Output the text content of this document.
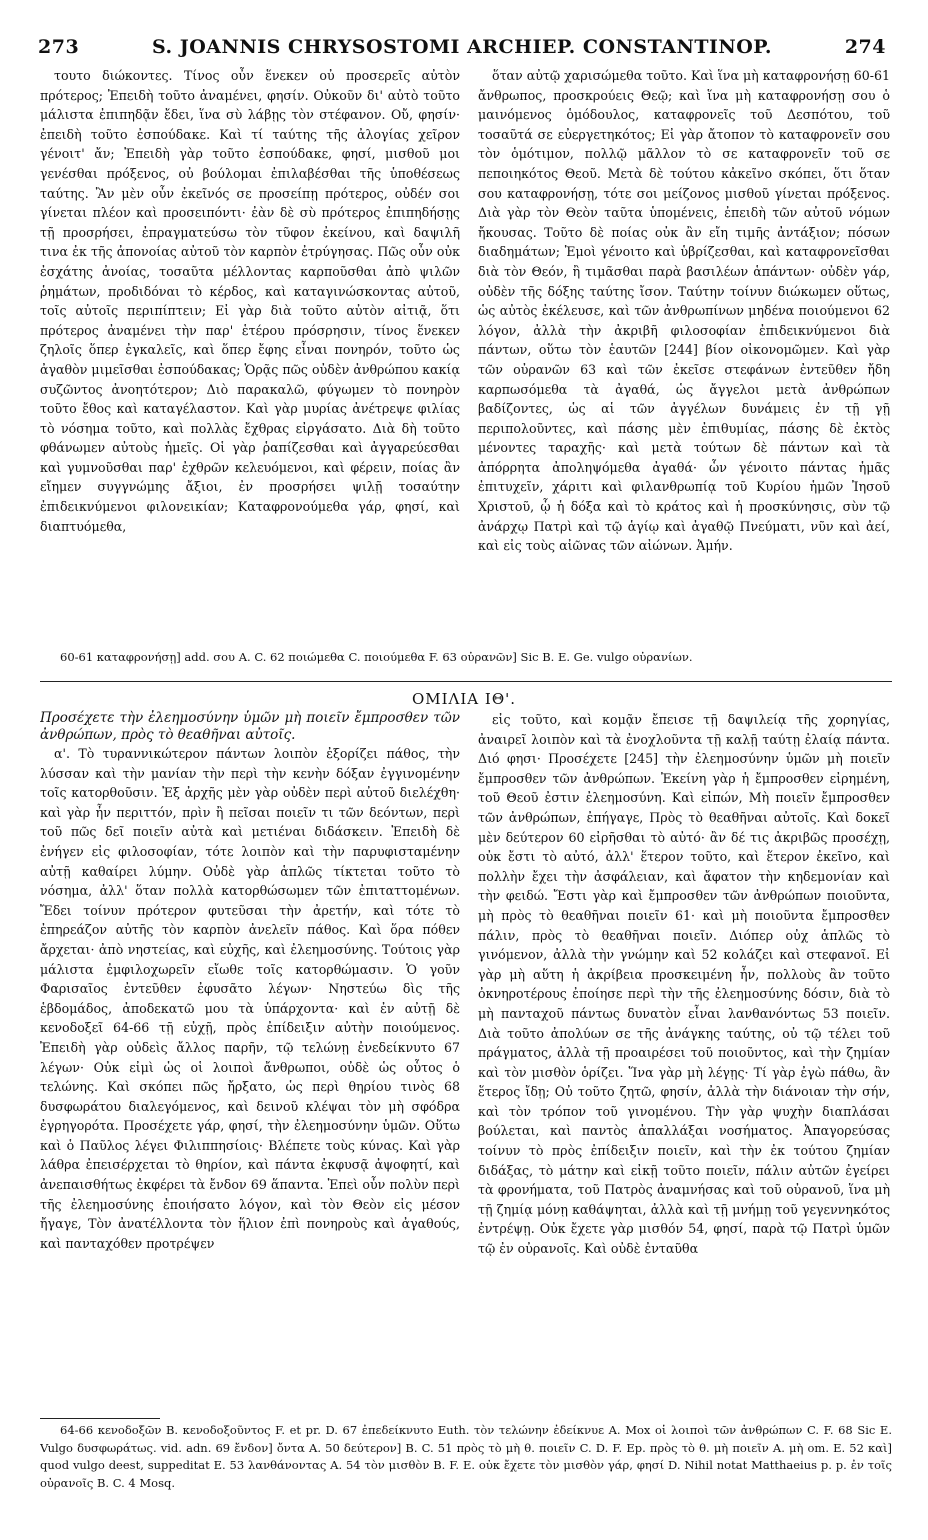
273	S. JOANNIS CHRYSOSTOMI ARCHIEP. CONSTANTINOP.	274

τουτο διώκοντες. Τίνος οὖν ἕνεκεν οὐ προσερεῖς αὐτὸν πρότερος; Ἐπειδὴ τοῦτο ἀναμένει, φησίν. Οὐκοῦν δι' αὐτὸ τοῦτο μάλιστα ἐπιπηδᾷν ἔδει, ἵνα σὺ λάβῃς τὸν στέφανον. Οὔ, φησίν· ἐπειδὴ τοῦτο ἐσπούδακε. Καὶ τί ταύτης τῆς ἀλογίας χεῖρον γένοιτ' ἄν; Ἐπειδὴ γὰρ τοῦτο ἐσπούδακε, φησί, μισθοῦ μοι γενέσθαι πρόξενος, οὐ βούλομαι ἐπιλαβέσθαι τῆς ὑποθέσεως ταύτης. Ἂν μὲν οὖν ἐκεῖνός σε προσείπῃ πρότερος, οὐδέν σοι γίνεται πλέον καὶ προσειπόντι· ἐὰν δὲ σὺ πρότερος ἐπιπηδήσῃς τῇ προσρήσει, ἐπραγματεύσω τὸν τῦφον ἐκείνου, καὶ δαψιλῆ τινα ἐκ τῆς ἀπονοίας αὐτοῦ τὸν καρπὸν ἐτρύγησας. Πῶς οὖν οὐκ ἐσχάτης ἀνοίας, τοσαῦτα μέλλοντας καρποῦσθαι ἀπὸ ψιλῶν ῥημάτων, προδιδόναι τὸ κέρδος, καὶ καταγινώσκοντας αὐτοῦ, τοῖς αὐτοῖς περιπίπτειν; Εἰ γὰρ διὰ τοῦτο αὐτὸν αἰτιᾷ, ὅτι πρότερος ἀναμένει τὴν παρ' ἑτέρου πρόσρησιν, τίνος ἕνεκεν ζηλοῖς ὅπερ ἐγκαλεῖς, καὶ ὅπερ ἔφης εἶναι πονηρόν, τοῦτο ὡς ἀγαθὸν μιμεῖσθαι ἐσπούδακας; Ὁρᾷς πῶς οὐδὲν ἀνθρώπου κακίᾳ συζῶντος ἀνοητότερον; Διὸ παρακαλῶ, φύγωμεν τὸ πονηρὸν τοῦτο ἔθος καὶ καταγέλαστον. Καὶ γὰρ μυρίας ἀνέτρεψε φιλίας τὸ νόσημα τοῦτο, καὶ πολλὰς ἔχθρας εἰργάσατο. Διὰ δὴ τοῦτο φθάνωμεν αὐτοὺς ἡμεῖς. Οἱ γὰρ ῥαπίζεσθαι καὶ ἀγγαρεύεσθαι καὶ γυμνοῦσθαι παρ' ἐχθρῶν κελευόμενοι, καὶ φέρειν, ποίας ἂν εἴημεν συγγνώμης ἄξιοι, ἐν προσρήσει ψιλῇ τοσαύτην ἐπιδεικνύμενοι φιλονεικίαν; Καταφρονούμεθα γάρ, φησί, καὶ διαπτυόμεθα,

ὅταν αὐτῷ χαρισώμεθα τοῦτο. Καὶ ἵνα μὴ καταφρονήσῃ 60-61 ἄνθρωπος, προσκρούεις Θεῷ; καὶ ἵνα μὴ καταφρονήσῃ σου ὁ μαινόμενος ὁμόδουλος, καταφρονεῖς τοῦ Δεσπότου, τοῦ τοσαῦτά σε εὐεργετηκότος; Εἰ γὰρ ἄτοπον τὸ καταφρονεῖν σου τὸν ὁμότιμον, πολλῷ μᾶλλον τὸ σε καταφρονεῖν τοῦ σε πεποιηκότος Θεοῦ. Μετὰ δὲ τούτου κἀκεῖνο σκόπει, ὅτι ὅταν σου καταφρονήσῃ, τότε σοι μείζονος μισθοῦ γίνεται πρόξενος. Διὰ γὰρ τὸν Θεὸν ταῦτα ὑπομένεις, ἐπειδὴ τῶν αὐτοῦ νόμων ἤκουσας. Τοῦτο δὲ ποίας οὐκ ἂν εἴη τιμῆς ἀντάξιον; πόσων διαδημάτων; Ἐμοὶ γένοιτο καὶ ὑβρίζεσθαι, καὶ καταφρονεῖσθαι διὰ τὸν Θεόν, ἢ τιμᾶσθαι παρὰ βασιλέων ἁπάντων· οὐδὲν γάρ, οὐδὲν τῆς δόξης ταύτης ἴσον. Ταύτην τοίνυν διώκωμεν οὕτως, ὡς αὐτὸς ἐκέλευσε, καὶ τῶν ἀνθρωπίνων μηδένα ποιούμενοι 62 λόγον, ἀλλὰ τὴν ἀκριβῆ φιλοσοφίαν ἐπιδεικνύμενοι διὰ πάντων, οὕτω τὸν ἑαυτῶν [244] βίον οἰκονομῶμεν. Καὶ γὰρ τῶν οὐρανῶν 63 καὶ τῶν ἐκεῖσε στεφάνων ἐντεῦθεν ἤδη καρπωσόμεθα τὰ ἀγαθά, ὡς ἄγγελοι μετὰ ἀνθρώπων βαδίζοντες, ὡς αἱ τῶν ἀγγέλων δυνάμεις ἐν τῇ γῇ περιπολοῦντες, καὶ πάσης μὲν ἐπιθυμίας, πάσης δὲ ἐκτὸς μένοντες ταραχῆς· καὶ μετὰ τούτων δὲ πάντων καὶ τὰ ἀπόρρητα ἀποληψόμεθα ἀγαθά· ὧν γένοιτο πάντας ἡμᾶς ἐπιτυχεῖν, χάριτι καὶ φιλανθρωπίᾳ τοῦ Κυρίου ἡμῶν Ἰησοῦ Χριστοῦ, ᾧ ἡ δόξα καὶ τὸ κράτος καὶ ἡ προσκύνησις, σὺν τῷ ἀνάρχῳ Πατρὶ καὶ τῷ ἁγίῳ καὶ ἀγαθῷ Πνεύματι, νῦν καὶ ἀεί, καὶ εἰς τοὺς αἰῶνας τῶν αἰώνων. Ἀμήν.

60-61 καταφρονήσῃ] add. σου A. C. 62 ποιώμεθα C. ποιούμεθα F. 63 οὐρανῶν] Sic B. E. Ge. vulgo οὐρανίων.
ΟΜΙΛΙΑ ΙΘ'.

Προσέχετε τὴν ἐλεημοσύνην ὑμῶν μὴ ποιεῖν ἔμπροσθεν τῶν ἀνθρώπων, πρὸς τὸ θεαθῆναι αὐτοῖς.

α'. Τὸ τυραννικώτερον πάντων λοιπὸν ἐξορίζει πάθος, τὴν λύσσαν καὶ τὴν μανίαν τὴν περὶ τὴν κενὴν δόξαν ἐγγινομένην τοῖς κατορθοῦσιν. Ἐξ ἀρχῆς μὲν γὰρ οὐδὲν περὶ αὐτοῦ διελέχθη· καὶ γὰρ ἦν περιττόν, πρὶν ἢ πεῖσαι ποιεῖν τι τῶν δεόντων, περὶ τοῦ πῶς δεῖ ποιεῖν αὐτὰ καὶ μετιέναι διδάσκειν. Ἐπειδὴ δὲ ἐνήγεν εἰς φιλοσοφίαν, τότε λοιπὸν καὶ τὴν παρυφισταμένην αὐτῇ καθαίρει λύμην. Οὐδὲ γὰρ ἁπλῶς τίκτεται τοῦτο τὸ νόσημα, ἀλλ' ὅταν πολλὰ κατορθώσωμεν τῶν ἐπιταττομένων. Ἔδει τοίνυν πρότερον φυτεῦσαι τὴν ἀρετήν, καὶ τότε τὸ ἐπηρεάζον αὐτῆς τὸν καρπὸν ἀνελεῖν πάθος. Καὶ ὅρα πόθεν ἄρχεται· ἀπὸ νηστείας, καὶ εὐχῆς, καὶ ἐλεημοσύνης. Τούτοις γὰρ μάλιστα ἐμφιλοχωρεῖν εἴωθε τοῖς κατορθώμασιν. Ὁ γοῦν Φαρισαῖος ἐντεῦθεν ἐφυσᾶτο λέγων· Νηστεύω δὶς τῆς ἑβδομάδος, ἀποδεκατῶ μου τὰ ὑπάρχοντα· καὶ ἐν αὐτῇ δὲ κενοδοξεῖ 64-66 τῇ εὐχῇ, πρὸς ἐπίδειξιν αὐτὴν ποιούμενος. Ἐπειδὴ γὰρ οὐδεὶς ἄλλος παρῆν, τῷ τελώνῃ ἐνεδείκνυτο 67 λέγων· Οὐκ εἰμὶ ὡς οἱ λοιποὶ ἄνθρωποι, οὐδὲ ὡς οὗτος ὁ τελώνης. Καὶ σκόπει πῶς ἤρξατο, ὡς περὶ θηρίου τινὸς 68 δυσφωράτου διαλεγόμενος, καὶ δεινοῦ κλέψαι τὸν μὴ σφόδρα ἐγρηγορότα. Προσέχετε γάρ, φησί, τὴν ἐλεημοσύνην ὑμῶν. Οὕτω καὶ ὁ Παῦλος λέγει Φιλιππησίοις· Βλέπετε τοὺς κύνας. Καὶ γὰρ λάθρα ἐπεισέρχεται τὸ θηρίον, καὶ πάντα ἐκφυσᾷ ἀψοφητί, καὶ ἀνεπαισθήτως ἐκφέρει τὰ ἔνδον 69 ἅπαντα. Ἐπεὶ οὖν πολὺν περὶ τῆς ἐλεημοσύνης ἐποιήσατο λόγον, καὶ τὸν Θεὸν εἰς μέσον ἤγαγε, Τὸν ἀνατέλλοντα τὸν ἥλιον ἐπὶ πονηροὺς καὶ ἀγαθούς, καὶ πανταχόθεν προτρέψεν

εἰς τοῦτο, καὶ κομᾷν ἔπεισε τῇ δαψιλείᾳ τῆς χορηγίας, ἀναιρεῖ λοιπὸν καὶ τὰ ἐνοχλοῦντα τῇ καλῇ ταύτῃ ἐλαίᾳ πάντα. Διό φησι· Προσέχετε [245] τὴν ἐλεημοσύνην ὑμῶν μὴ ποιεῖν ἔμπροσθεν τῶν ἀνθρώπων. Ἐκείνη γὰρ ἡ ἔμπροσθεν εἰρημένη, τοῦ Θεοῦ ἐστιν ἐλεημοσύνη. Καὶ εἰπών, Μὴ ποιεῖν ἔμπροσθεν τῶν ἀνθρώπων, ἐπήγαγε, Πρὸς τὸ θεαθῆναι αὐτοῖς. Καὶ δοκεῖ μὲν δεύτερον 60 εἰρῆσθαι τὸ αὐτό· ἂν δέ τις ἀκριβῶς προσέχῃ, οὐκ ἔστι τὸ αὐτό, ἀλλ' ἕτερον τοῦτο, καὶ ἕτερον ἐκεῖνο, καὶ πολλὴν ἔχει τὴν ἀσφάλειαν, καὶ ἄφατον τὴν κηδεμονίαν καὶ τὴν φειδώ. Ἔστι γὰρ καὶ ἔμπροσθεν τῶν ἀνθρώπων ποιοῦντα, μὴ πρὸς τὸ θεαθῆναι ποιεῖν 61· καὶ μὴ ποιοῦντα ἔμπροσθεν πάλιν, πρὸς τὸ θεαθῆναι ποιεῖν. Διόπερ οὐχ ἁπλῶς τὸ γινόμενον, ἀλλὰ τὴν γνώμην καὶ 52 κολάζει καὶ στεφανοῖ. Εἰ γὰρ μὴ αὕτη ἡ ἀκρίβεια προσκειμένη ἦν, πολλοὺς ἂν τοῦτο ὀκνηροτέρους ἐποίησε περὶ τὴν τῆς ἐλεημοσύνης δόσιν, διὰ τὸ μὴ πανταχοῦ πάντως δυνατὸν εἶναι λανθανόντως 53 ποιεῖν. Διὰ τοῦτο ἀπολύων σε τῆς ἀνάγκης ταύτης, οὐ τῷ τέλει τοῦ πράγματος, ἀλλὰ τῇ προαιρέσει τοῦ ποιοῦντος, καὶ τὴν ζημίαν καὶ τὸν μισθὸν ὁρίζει. Ἵνα γὰρ μὴ λέγῃς· Τί γὰρ ἐγὼ πάθω, ἂν ἕτερος ἴδῃ; Οὐ τοῦτο ζητῶ, φησίν, ἀλλὰ τὴν διάνοιαν τὴν σήν, καὶ τὸν τρόπον τοῦ γινομένου. Τὴν γὰρ ψυχὴν διαπλάσαι βούλεται, καὶ παντὸς ἀπαλλάξαι νοσήματος. Ἀπαγορεύσας τοίνυν τὸ πρὸς ἐπίδειξιν ποιεῖν, καὶ τὴν ἐκ τούτου ζημίαν διδάξας, τὸ μάτην καὶ εἰκῇ τοῦτο ποιεῖν, πάλιν αὐτῶν ἐγείρει τὰ φρονήματα, τοῦ Πατρὸς ἀναμνήσας καὶ τοῦ οὐρανοῦ, ἵνα μὴ τῇ ζημίᾳ μόνῃ καθάψηται, ἀλλὰ καὶ τῇ μνήμῃ τοῦ γεγεννηκότος ἐντρέψῃ. Οὐκ ἔχετε γὰρ μισθόν 54, φησί, παρὰ τῷ Πατρὶ ὑμῶν τῷ ἐν οὐρανοῖς. Καὶ οὐδὲ ἐνταῦθα

64-66 κενοδοξῶν B. κενοδοξοῦντος F. et pr. D. 67 ἐπεδείκνυτο Euth. τὸν τελώνην ἐδείκνυε A. Mox οἱ λοιποὶ τῶν ἀνθρώπων C. F. 68 Sic E. Vulgo δυσφωράτως. vid. adn. 69 ἔνδον] ὄντα A. 50 δεύτερον] B. C. 51 πρὸς τὸ μὴ θ. ποιεῖν C. D. F. Ep. πρὸς τὸ θ. μὴ ποιεῖν A. μὴ om. E. 52 καὶ] quod vulgo deest, suppeditat E. 53 λανθάνοντας A. 54 τὸν μισθὸν B. F. E. οὐκ ἔχετε τὸν μισθὸν γάρ, φησί D. Nihil notat Matthaeius p. p. ἐν τοῖς οὐρανοῖς B. C. 4 Mosq.
